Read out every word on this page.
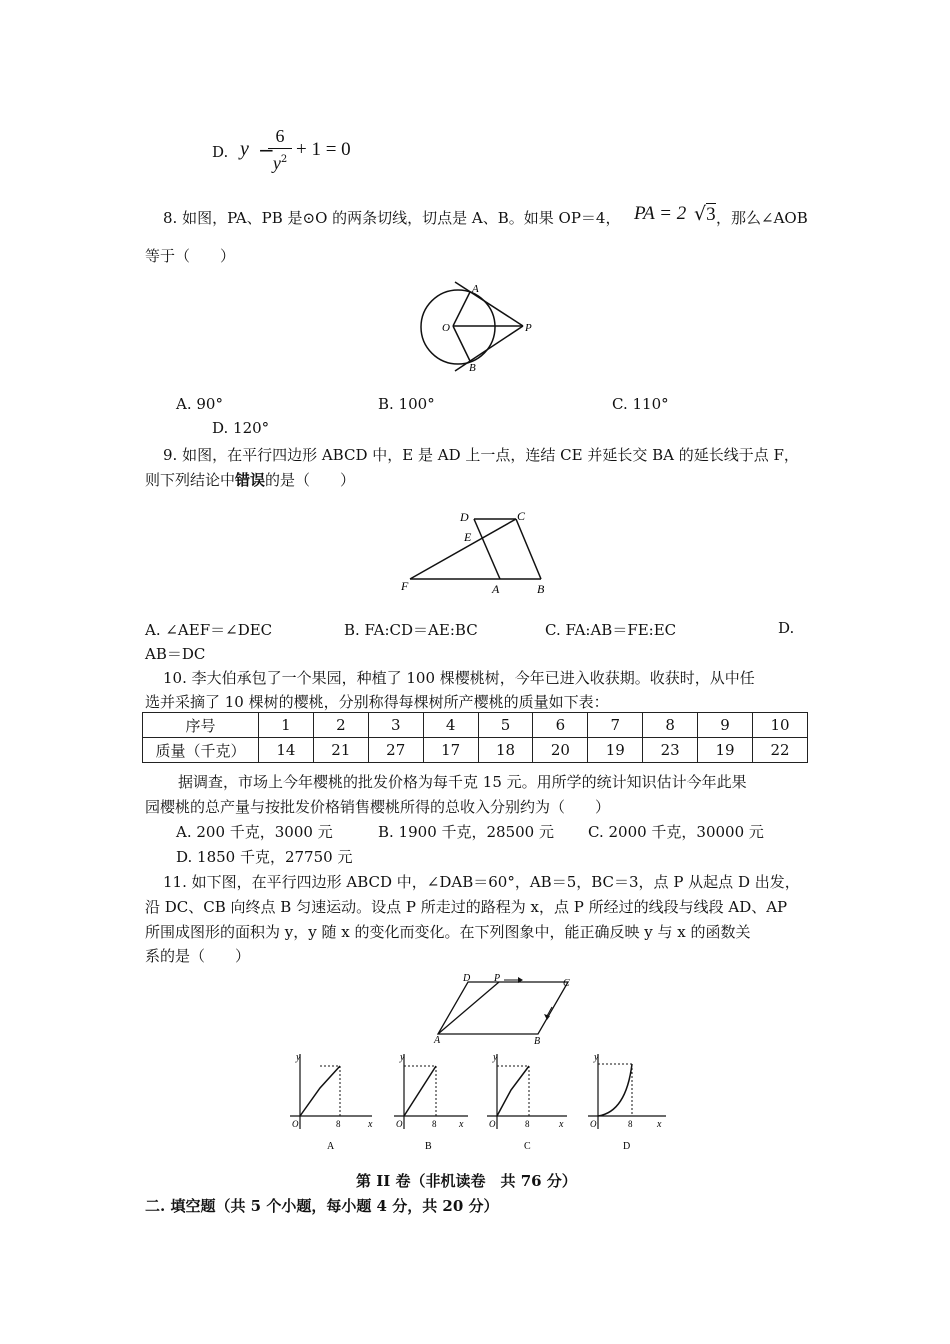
D. y −
6
$y^2 + 1 = 0$
8. 如图，PA、PB 是⊙O 的两条切线，切点是 A、B。如果 OP＝4， PA = 2 √3 ，那么∠AOB
等于（　　）
A
B
O	P
A. 90°	B. 100°	C. 110°
D. 120°
9. 如图，在平行四边形 ABCD 中，E 是 AD 上一点，连结 CE 并延长交 BA 的延长线于点 F，
则下列结论中错误的是（　　）
D	C
E
F	A	B
A. ∠AEF＝∠DEC	B. FA:CD＝AE:BC	C. FA:AB＝FE:EC	D.
AB＝DC
10. 李大伯承包了一个果园，种植了 100 棵樱桃树，今年已进入收获期。收获时，从中任
选并采摘了 10 棵树的樱桃，分别称得每棵树所产樱桃的质量如下表：
序号	1	2	3	4	5	6	7	8	9	10
质量（千克）	14	21	27	17	18	20	19	23	19	22
据调查，市场上今年樱桃的批发价格为每千克 15 元。用所学的统计知识估计今年此果
园樱桃的总产量与按批发价格销售樱桃所得的总收入分别约为（　　）
A. 200 千克，3000 元	B. 1900 千克，28500 元 C. 2000 千克，30000 元
D. 1850 千克，27750 元
11. 如下图，在平行四边形 ABCD 中，∠DAB＝60°，AB＝5，BC＝3，点 P 从起点 D 出发，
沿 DC、CB 向终点 B 匀速运动。设点 P 所走过的路程为 x，点 P 所经过的线段与线段 AD、AP
所围成图形的面积为 y，y 随 x 的变化而变化。在下列图象中，能正确反映 y 与 x 的函数关
系的是（　　）
D P	C
A	B
y
x
O	8
A
y
x
O	8
B
y
x
O	8
C
y
x
O	8
D
第 II 卷（非机读卷　共 76 分）
二. 填空题（共 5 个小题，每小题 4 分，共 20 分）
